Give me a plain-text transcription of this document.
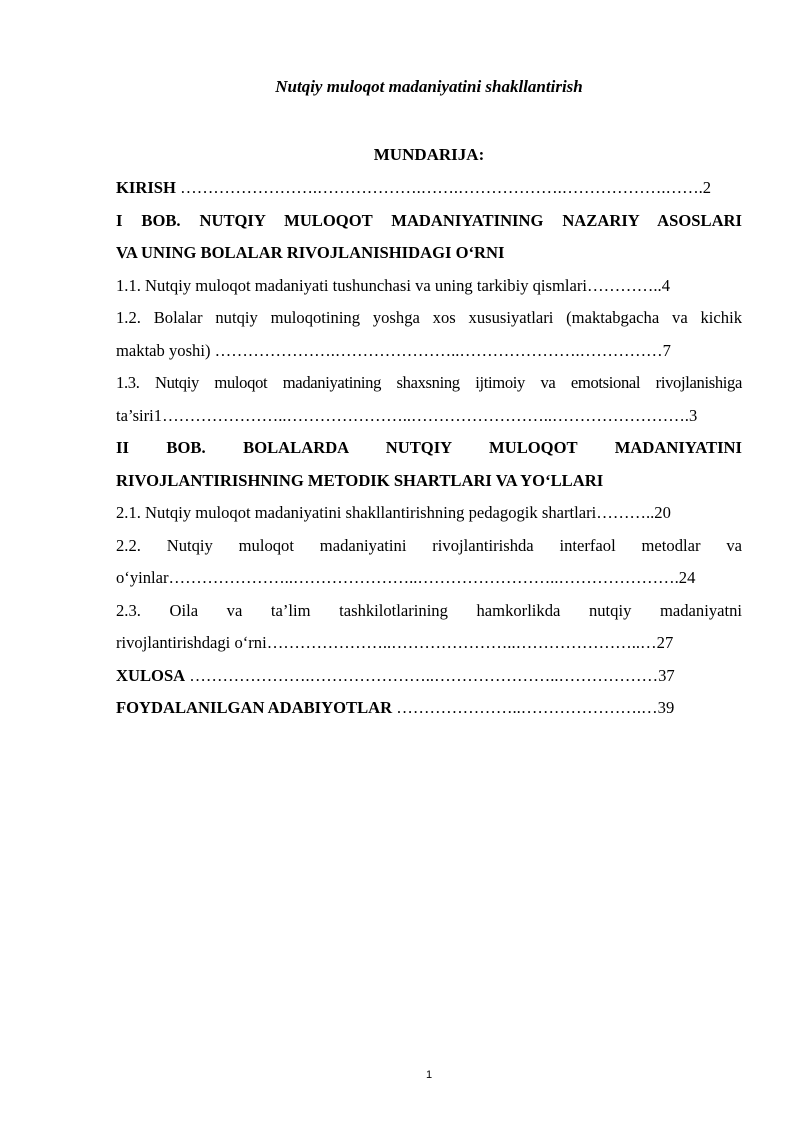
Nutqiy muloqot madaniyatini shakllantirish
MUNDARIJA:

KIRISH …………………….……………….…….……………….……………….…….2

I BOB. NUTQIY MULOQOT MADANIYATINING NAZARIY ASOSLARI

VA UNING BOLALAR RIVOJLANISHIDAGI O‘RNI

1.1. Nutqiy muloqot madaniyati tushunchasi va uning tarkibiy qismlari…………..4

1.2. Bolalar nutqiy muloqotining yoshga xos xususiyatlari (maktabgacha va kichik

maktab yoshi) ………………….…………………..………………….……………7

1.3. Nutqiy muloqot madaniyatining shaxsning ijtimoiy va emotsional rivojlanishiga

ta’siri1…………………..…………………..……………………..…………………….3

II BOB. BOLALARDA NUTQIY MULOQOT MADANIYATINI

RIVOJLANTIRISHNING METODIK SHARTLARI VA YO‘LLARI

2.1. Nutqiy muloqot madaniyatini shakllantirishning pedagogik shartlari………..20

2.2. Nutqiy muloqot madaniyatini rivojlantirishda interfaol metodlar va

o‘yinlar…………………..…………………..……………………..………………….24

2.3. Oila va ta’lim tashkilotlarining hamkorlikda nutqiy madaniyatni

rivojlantirishdagi o‘rni…………………..…………………..…………………..…27

XULOSA ………………….…………………..…………………..………………37

FOYDALANILGAN ADABIYOTLAR …………………..………………….…39

1
